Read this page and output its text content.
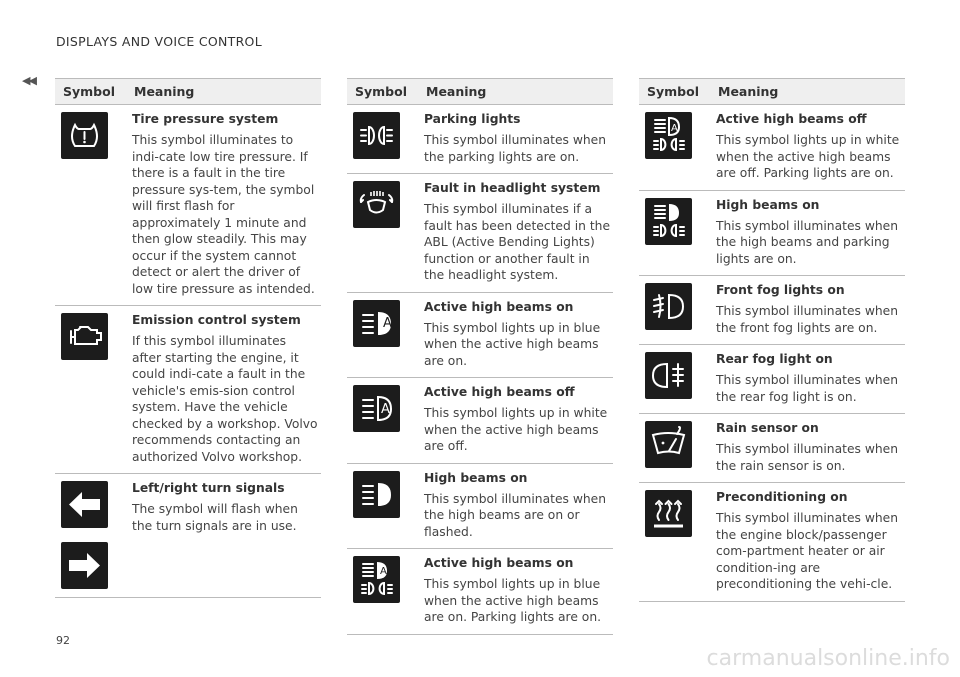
DISPLAYS AND VOICE CONTROL
◀◀
92
carmanualsonline.info
Symbol	Meaning

Tire pressure system
This symbol illuminates to indi-cate low tire pressure. If there is a fault in the tire pressure sys-tem, the symbol will first flash for approximately 1 minute and then glow steadily. This may occur if the system cannot detect or alert the driver of low tire pressure as intended.

Emission control system
If this symbol illuminates after starting the engine, it could indi-cate a fault in the vehicle's emis-sion control system. Have the vehicle checked by a workshop. Volvo recommends contacting an authorized Volvo workshop.

Left/right turn signals
The symbol will flash when the turn signals are in use.
Symbol	Meaning

Parking lights
This symbol illuminates when the parking lights are on.

Fault in headlight system
This symbol illuminates if a fault has been detected in the ABL (Active Bending Lights) function or another fault in the headlight system.

A	Active high beams on
This symbol lights up in blue when the active high beams are on.

A	Active high beams off
This symbol lights up in white when the active high beams are off.

High beams on
This symbol illuminates when the high beams are on or flashed.

A	Active high beams on
This symbol lights up in blue when the active high beams are on. Parking lights are on.
Symbol	Meaning

A	Active high beams off
This symbol lights up in white when the active high beams are off. Parking lights are on.

High beams on
This symbol illuminates when the high beams and parking lights are on.

Front fog lights on
This symbol illuminates when the front fog lights are on.

Rear fog light on
This symbol illuminates when the rear fog light is on.

Rain sensor on
This symbol illuminates when the rain sensor is on.

Preconditioning on
This symbol illuminates when the engine block/passenger com-partment heater or air condition-ing are preconditioning the vehi-cle.
